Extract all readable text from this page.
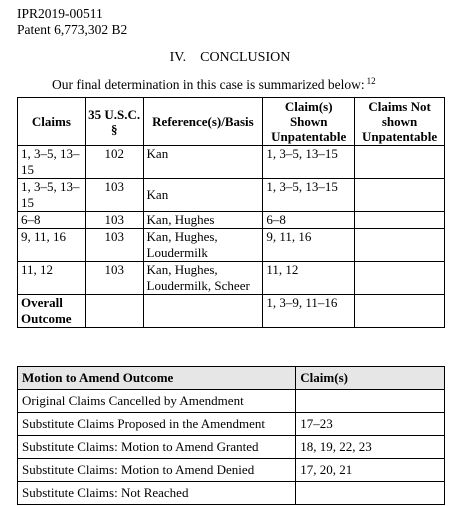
IPR2019-00511
Patent 6,773,302 B2
IV. CONCLUSION
Our final determination in this case is summarized below: $^{12}$
Claims	35 U.S.C. §	Reference(s)/Basis	Claim(s) Shown Unpatentable	Claims Not shown Unpatentable
1, 3–5, 13–15	102	Kan	1, 3–5, 13–15	
1, 3–5, 13–15	103	Kan	1, 3–5, 13–15	
6–8	103	Kan, Hughes	6–8	
9, 11, 16	103	Kan, Hughes, Loudermilk	9, 11, 16	
11, 12	103	Kan, Hughes, Loudermilk, Scheer	11, 12	
Overall Outcome			1, 3–9, 11–16	
Motion to Amend Outcome	Claim(s)
Original Claims Cancelled by Amendment	
Substitute Claims Proposed in the Amendment	17–23
Substitute Claims: Motion to Amend Granted	18, 19, 22, 23
Substitute Claims: Motion to Amend Denied	17, 20, 21
Substitute Claims: Not Reached	
